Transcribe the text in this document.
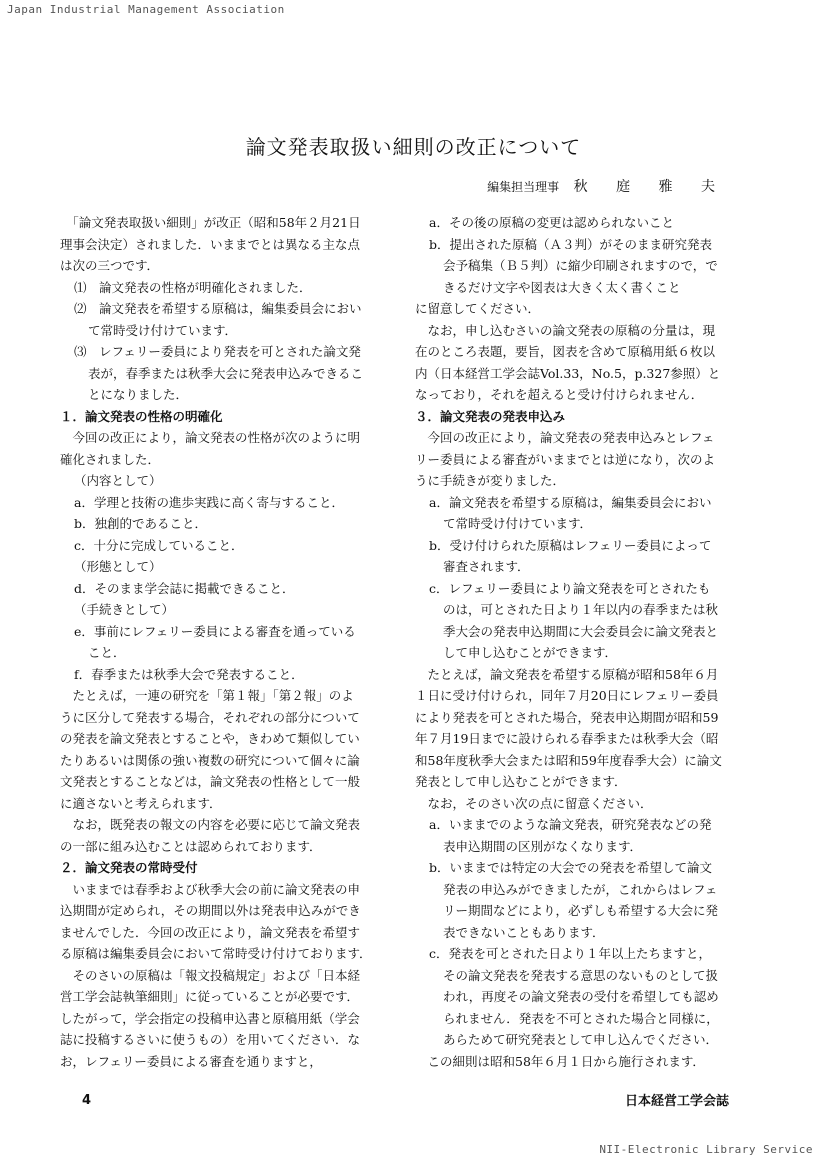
Japan Industrial Management Association
論文発表取扱い細則の改正について
編集担当理事 秋 庭 雅 夫
　「論文発表取扱い細則」が改正（昭和58年２月21日
理事会決定）されました．いままでとは異なる主な点
は次の三つです．
⑴　論文発表の性格が明確化されました．
⑵　論文発表を希望する原稿は，編集委員会におい
て常時受け付けています．
⑶　レフェリー委員により発表を可とされた論文発
表が，春季または秋季大会に発表申込みできるこ
とになりました．
１．論文発表の性格の明確化
　今回の改正により，論文発表の性格が次のように明
確化されました．
（内容として）
a．学理と技術の進歩実践に高く寄与すること．
b．独創的であること．
c．十分に完成していること．
（形態として）
d．そのまま学会誌に掲載できること．
（手続きとして）
e．事前にレフェリー委員による審査を通っている
こと．
f．春季または秋季大会で発表すること．
　たとえば，一連の研究を「第１報」「第２報」のよ
うに区分して発表する場合，それぞれの部分について
の発表を論文発表とすることや，きわめて類似してい
たりあるいは関係の強い複数の研究について個々に論
文発表とすることなどは，論文発表の性格として一般
に適さないと考えられます．
　なお，既発表の報文の内容を必要に応じて論文発表
の一部に組み込むことは認められております．
２．論文発表の常時受付
　いままでは春季および秋季大会の前に論文発表の申
込期間が定められ，その期間以外は発表申込みができ
ませんでした．今回の改正により，論文発表を希望す
る原稿は編集委員会において常時受け付けております．
　そのさいの原稿は「報文投稿規定」および「日本経
営工学会誌執筆細則」に従っていることが必要です．
したがって，学会指定の投稿申込書と原稿用紙（学会
誌に投稿するさいに使うもの）を用いてください．な
お，レフェリー委員による審査を通りますと，
a．その後の原稿の変更は認められないこと
b．提出された原稿（Ａ３判）がそのまま研究発表
会予稿集（Ｂ５判）に縮少印刷されますので，で
きるだけ文字や図表は大きく太く書くこと
に留意してください．
　なお，申し込むさいの論文発表の原稿の分量は，現
在のところ表題，要旨，図表を含めて原稿用紙６枚以
内（日本経営工学会誌Vol.33，No.5，p.327参照）と
なっており，それを超えると受け付けられません．
３．論文発表の発表申込み
　今回の改正により，論文発表の発表申込みとレフェ
リー委員による審査がいままでとは逆になり，次のよ
うに手続きが変りました．
a．論文発表を希望する原稿は，編集委員会におい
て常時受け付けています．
b．受け付けられた原稿はレフェリー委員によって
審査されます．
c．レフェリー委員により論文発表を可とされたも
のは，可とされた日より１年以内の春季または秋
季大会の発表申込期間に大会委員会に論文発表と
して申し込むことができます．
　たとえば，論文発表を希望する原稿が昭和58年６月
１日に受け付けられ，同年７月20日にレフェリー委員
により発表を可とされた場合，発表申込期間が昭和59
年７月19日までに設けられる春季または秋季大会（昭
和58年度秋季大会または昭和59年度春季大会）に論文
発表として申し込むことができます．
　なお，そのさい次の点に留意ください．
a．いままでのような論文発表，研究発表などの発
表申込期間の区別がなくなります．
b．いままでは特定の大会での発表を希望して論文
発表の申込みができましたが，これからはレフェ
リー期間などにより，必ずしも希望する大会に発
表できないこともあります．
c．発表を可とされた日より１年以上たちますと，
その論文発表を発表する意思のないものとして扱
われ，再度その論文発表の受付を希望しても認め
られません．発表を不可とされた場合と同様に，
あらためて研究発表として申し込んでください．
　この細則は昭和58年６月１日から施行されます．
4	日本経営工学会誌
NII-Electronic Library Service
